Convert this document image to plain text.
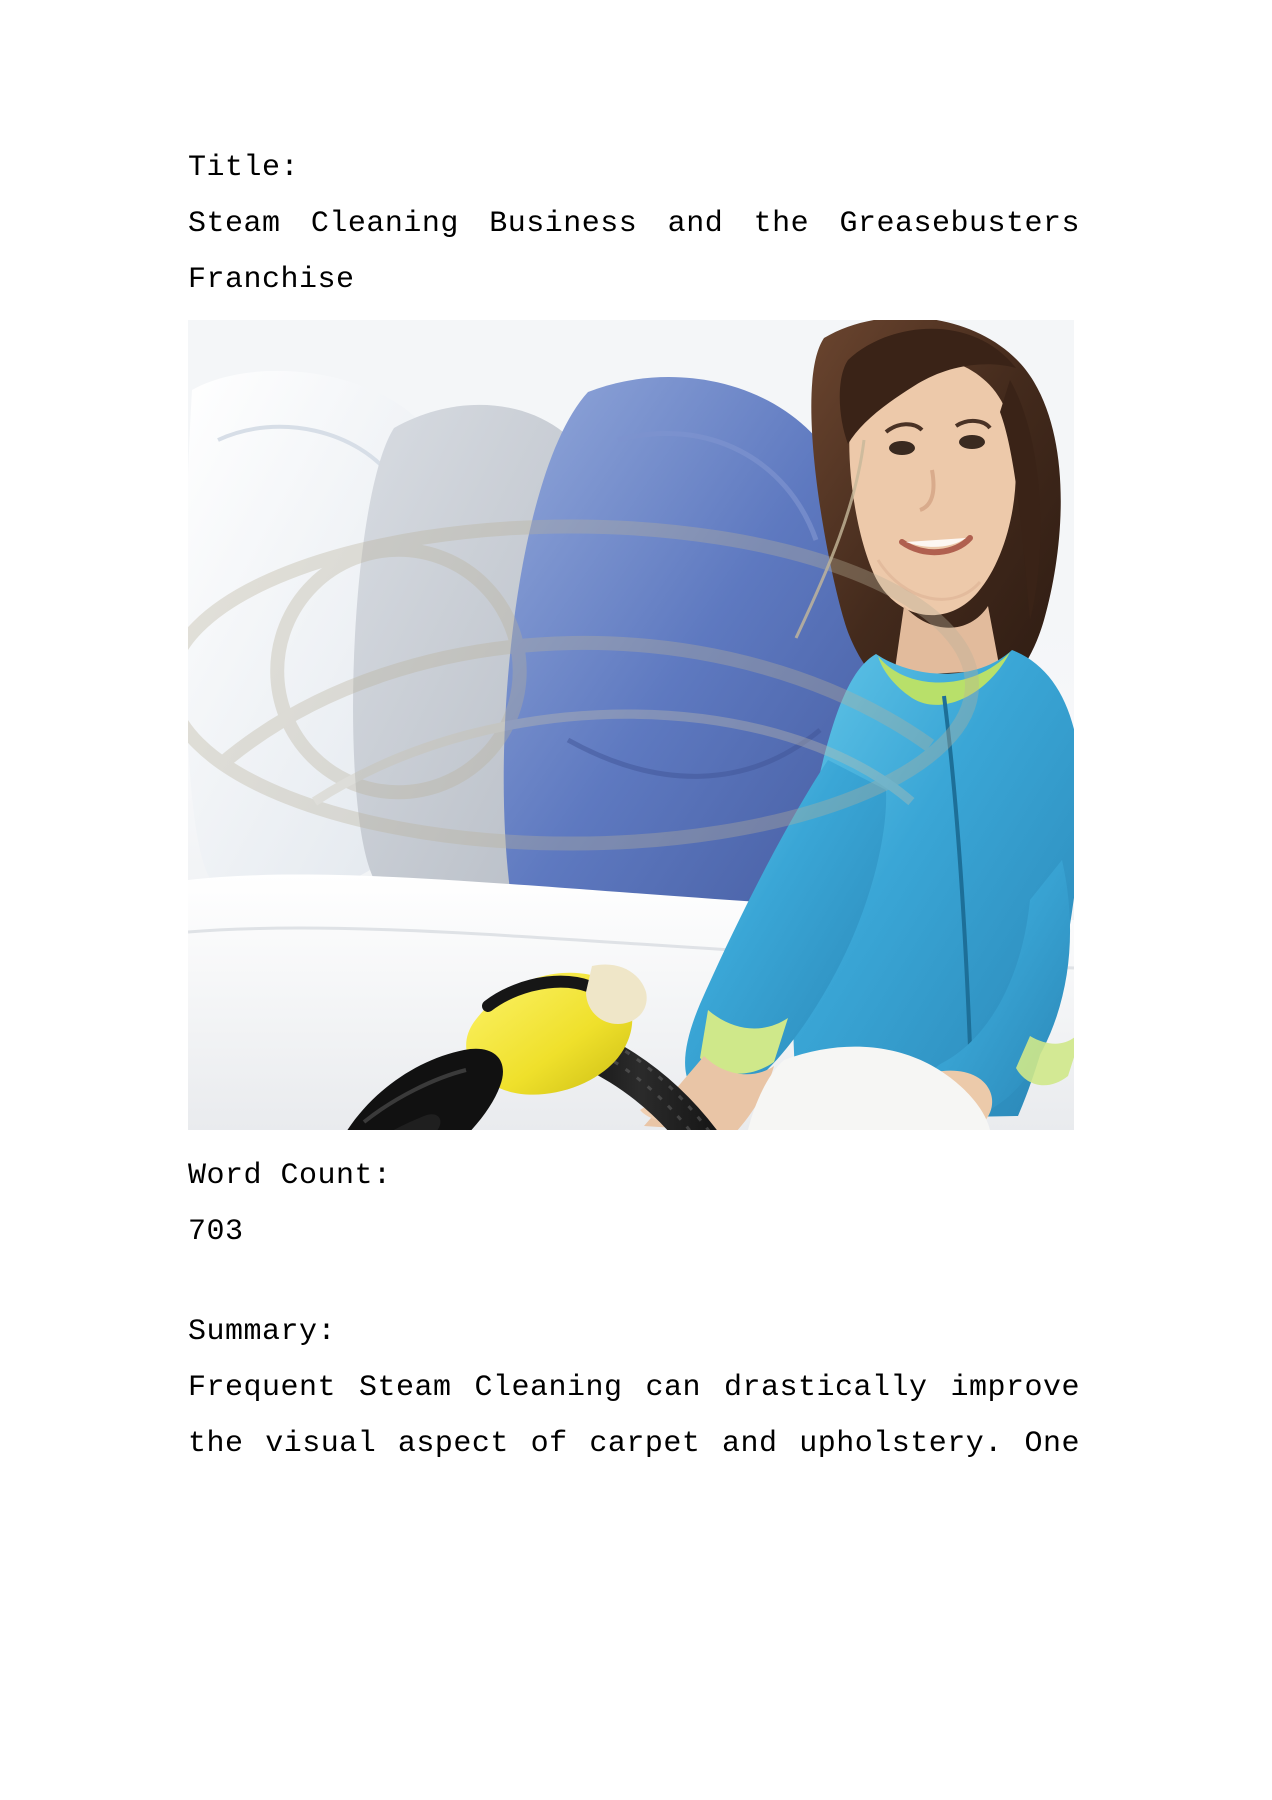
Title:
Steam Cleaning Business and the Greasebusters
Franchise
Word Count:
703
Summary:
Frequent Steam Cleaning can drastically improve
the visual aspect of carpet and upholstery. One
